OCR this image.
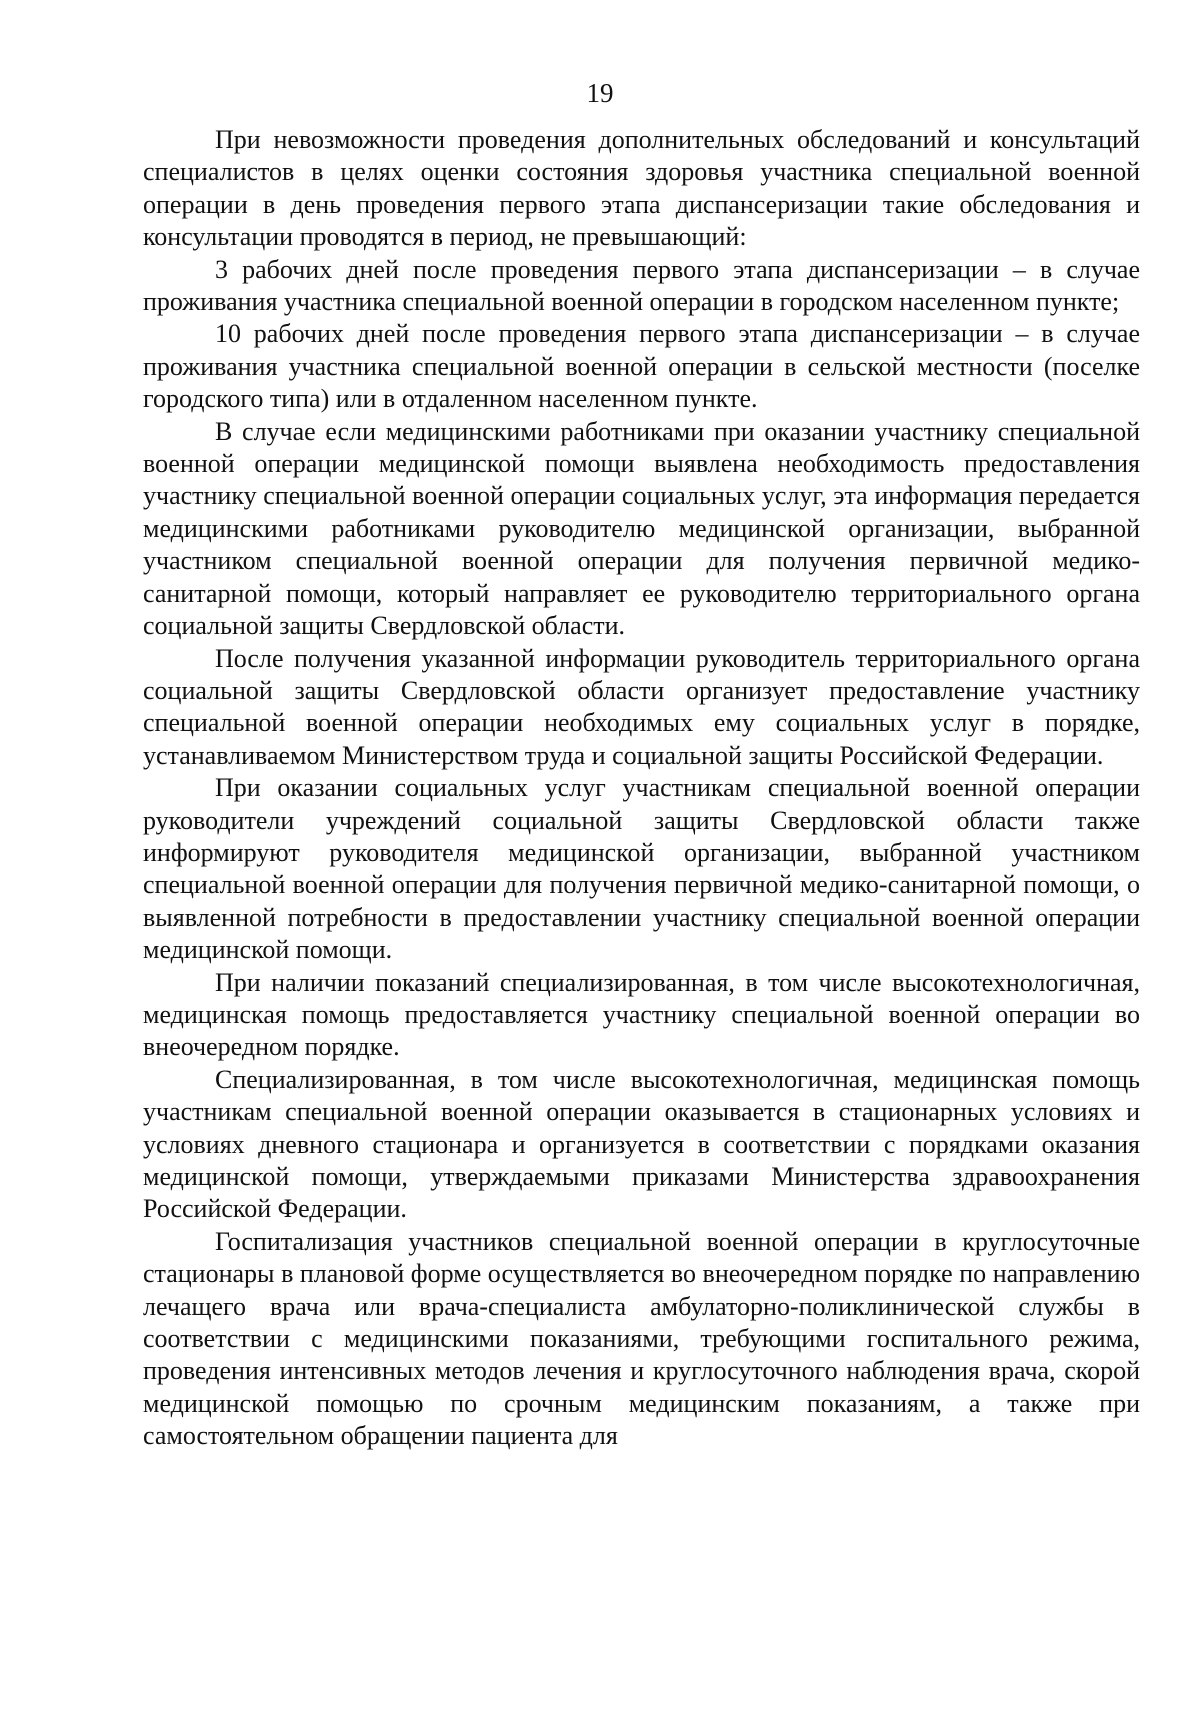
19

При невозможности проведения дополнительных обследований и консультаций специалистов в целях оценки состояния здоровья участника специальной военной операции в день проведения первого этапа диспансеризации такие обследования и консультации проводятся в период, не превышающий:

3 рабочих дней после проведения первого этапа диспансеризации – в случае проживания участника специальной военной операции в городском населенном пункте;

10 рабочих дней после проведения первого этапа диспансеризации – в случае проживания участника специальной военной операции в сельской местности (поселке городского типа) или в отдаленном населенном пункте.

В случае если медицинскими работниками при оказании участнику специальной военной операции медицинской помощи выявлена необходимость предоставления участнику специальной военной операции социальных услуг, эта информация передается медицинскими работниками руководителю медицинской организации, выбранной участником специальной военной операции для получения первичной медико-санитарной помощи, который направляет ее руководителю территориального органа социальной защиты Свердловской области.

После получения указанной информации руководитель территориального органа социальной защиты Свердловской области организует предоставление участнику специальной военной операции необходимых ему социальных услуг в порядке, устанавливаемом Министерством труда и социальной защиты Российской Федерации.

При оказании социальных услуг участникам специальной военной операции руководители учреждений социальной защиты Свердловской области также информируют руководителя медицинской организации, выбранной участником специальной военной операции для получения первичной медико-санитарной помощи, о выявленной потребности в предоставлении участнику специальной военной операции медицинской помощи.

При наличии показаний специализированная, в том числе высокотехнологичная, медицинская помощь предоставляется участнику специальной военной операции во внеочередном порядке.

Специализированная, в том числе высокотехнологичная, медицинская помощь участникам специальной военной операции оказывается в стационарных условиях и условиях дневного стационара и организуется в соответствии с порядками оказания медицинской помощи, утверждаемыми приказами Министерства здравоохранения Российской Федерации.

Госпитализация участников специальной военной операции в круглосуточные стационары в плановой форме осуществляется во внеочередном порядке по направлению лечащего врача или врача-специалиста амбулаторно-поликлинической службы в соответствии с медицинскими показаниями, требующими госпитального режима, проведения интенсивных методов лечения и круглосуточного наблюдения врача, скорой медицинской помощью по срочным медицинским показаниям, а также при самостоятельном обращении пациента для
